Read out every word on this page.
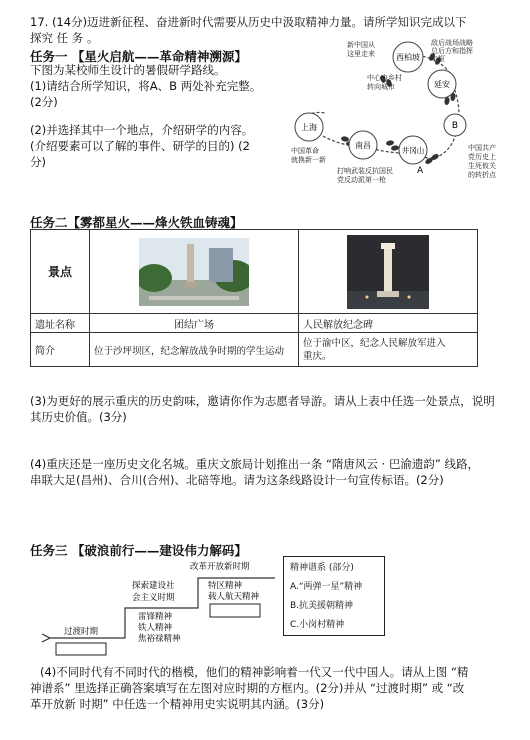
17. (14分)迈进新征程、奋进新时代需要从历史中汲取精神力量。请所学知识完成以下
探究 任 务 。
任务一 【星火启航——革命精神溯源】
下图为某校师生设计的暑假研学路线。
(1)请结合所学知识，将A、B 两处补充完整。
(2分)
(2)并选择其中一个地点，介绍研学的内容。
(介绍要素可以了解的事件、研学的目的) (2
分)
西柏坡
延安
B
井冈山
南昌
上海
A
新中国从
这里走来
中心由乡村
转向城市
敌后战场战略
总后方和指挥
中枢
中国革命
就换新一新
打响武装反抗国民
党反动派第一枪
中国共产
党历史上
生死攸关
的转折点
任务二【雾都星火——烽火铁血铸魂】
景点	

遗址名称	团结广场	人民解放纪念碑
简介	位于沙坪坝区，纪念解放战争时期的学生运动	位于渝中区，纪念人民解放军进入
重庆。
(3)为更好的展示重庆的历史韵味，邀请你作为志愿者导游。请从上表中任选一处景点，说明
其历史价值。(3分)
(4)重庆还是一座历史文化名城。重庆文旅局计划推出一条 “隋唐风云 · 巴渝遗韵” 线路，
串联大足(昌州)、合川(合州)、北碚等地。请为这条线路设计一句宣传标语。(2分)
任务三 【破浪前行——建设伟力解码】
过渡时期
探索建设社
会主义时期
雷锋精神
铁人精神
焦裕禄精神
改革开放新时期
特区精神
载人航天精神
精神谱系 (部分)
A.“两弹一星”精神
B.抗美援朝精神
C.小岗村精神
(4)不同时代有不同时代的楷模，他们的精神影响着一代又一代中国人。请从上图 “精
神谱系” 里选择正确答案填写在左图对应时期的方框内。(2分)并从 “过渡时期” 或 “改
革开放新 时期” 中任选一个精神用史实说明其内涵。(3分)
